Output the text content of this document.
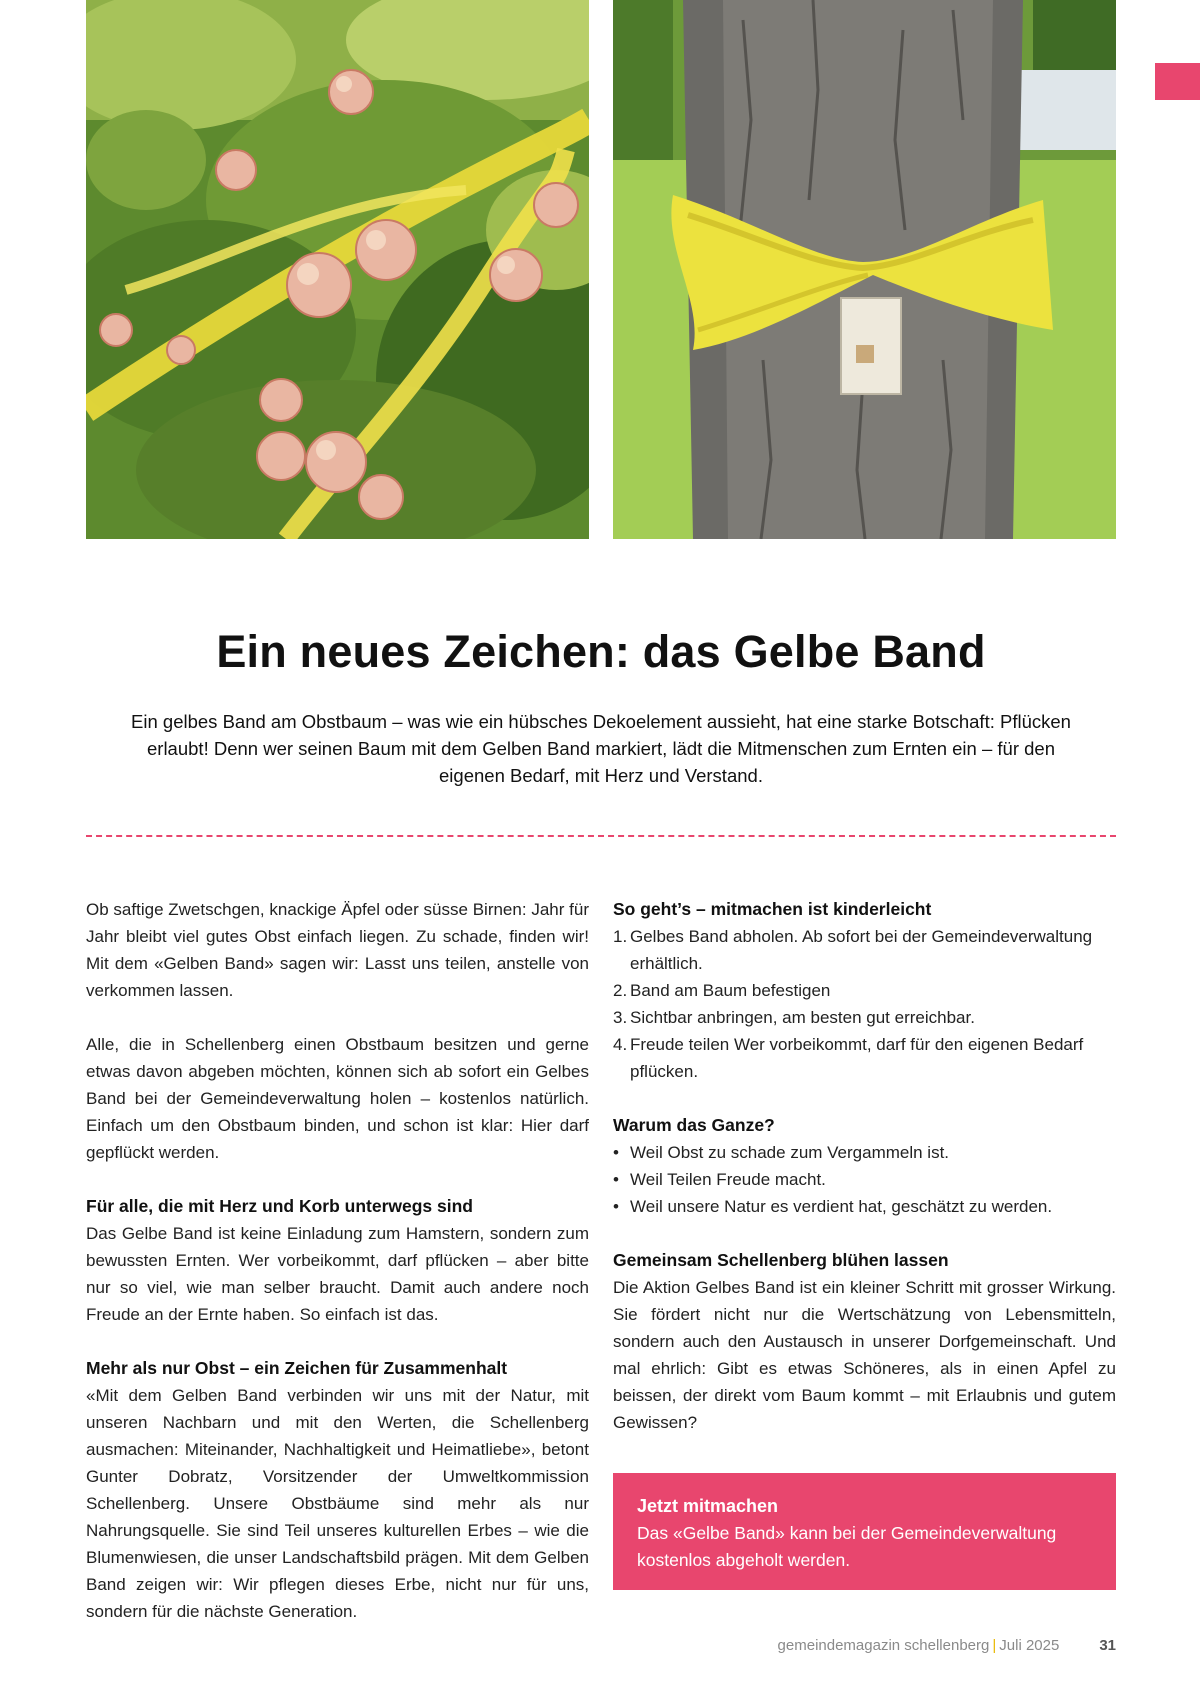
Ein neues Zeichen: das Gelbe Band

Ein gelbes Band am Obstbaum – was wie ein hübsches Dekoelement aussieht, hat eine starke Botschaft: Pflücken erlaubt! Denn wer seinen Baum mit dem Gelben Band markiert, lädt die Mitmenschen zum Ernten ein – für den eigenen Bedarf, mit Herz und Verstand.

Ob saftige Zwetschgen, knackige Äpfel oder süsse Birnen: Jahr für Jahr bleibt viel gutes Obst einfach liegen. Zu schade, finden wir! Mit dem «Gelben Band» sagen wir: Lasst uns teilen, anstelle von verkommen lassen.

Alle, die in Schellenberg einen Obstbaum besitzen und gerne etwas davon abgeben möchten, können sich ab sofort ein Gelbes Band bei der Gemeindeverwaltung holen – kostenlos natürlich. Einfach um den Obstbaum binden, und schon ist klar: Hier darf gepflückt werden.

Für alle, die mit Herz und Korb unterwegs sind

Das Gelbe Band ist keine Einladung zum Hamstern, sondern zum bewussten Ernten. Wer vorbeikommt, darf pflücken – aber bitte nur so viel, wie man selber braucht. Damit auch andere noch Freude an der Ernte haben. So einfach ist das.

Mehr als nur Obst – ein Zeichen für Zusammenhalt

«Mit dem Gelben Band verbinden wir uns mit der Natur, mit unseren Nachbarn und mit den Werten, die Schellenberg ausmachen: Miteinander, Nachhaltigkeit und Heimatliebe», betont Gunter Dobratz, Vorsitzender der Umweltkommission Schellenberg. Unsere Obstbäume sind mehr als nur Nahrungsquelle. Sie sind Teil unseres kulturellen Erbes – wie die Blumenwiesen, die unser Landschaftsbild prägen. Mit dem Gelben Band zeigen wir: Wir pflegen dieses Erbe, nicht nur für uns, sondern für die nächste Generation.

So geht’s – mitmachen ist kinderleicht
1. Gelbes Band abholen. Ab sofort bei der Gemeindeverwaltung erhältlich.
2. Band am Baum befestigen
3. Sichtbar anbringen, am besten gut erreichbar.
4. Freude teilen Wer vorbeikommt, darf für den eigenen Bedarf pflücken.
Warum das Ganze?
• Weil Obst zu schade zum Vergammeln ist.
• Weil Teilen Freude macht.
• Weil unsere Natur es verdient hat, geschätzt zu werden.
Gemeinsam Schellenberg blühen lassen

Die Aktion Gelbes Band ist ein kleiner Schritt mit grosser Wirkung. Sie fördert nicht nur die Wertschätzung von Lebensmitteln, sondern auch den Austausch in unserer Dorfgemeinschaft. Und mal ehrlich: Gibt es etwas Schöneres, als in einen Apfel zu beissen, der direkt vom Baum kommt – mit Erlaubnis und gutem Gewissen?

Jetzt mitmachen
Das «Gelbe Band» kann bei der Gemeindeverwaltung kostenlos abgeholt werden.
gemeindemagazin schellenberg | Juli 2025	31
